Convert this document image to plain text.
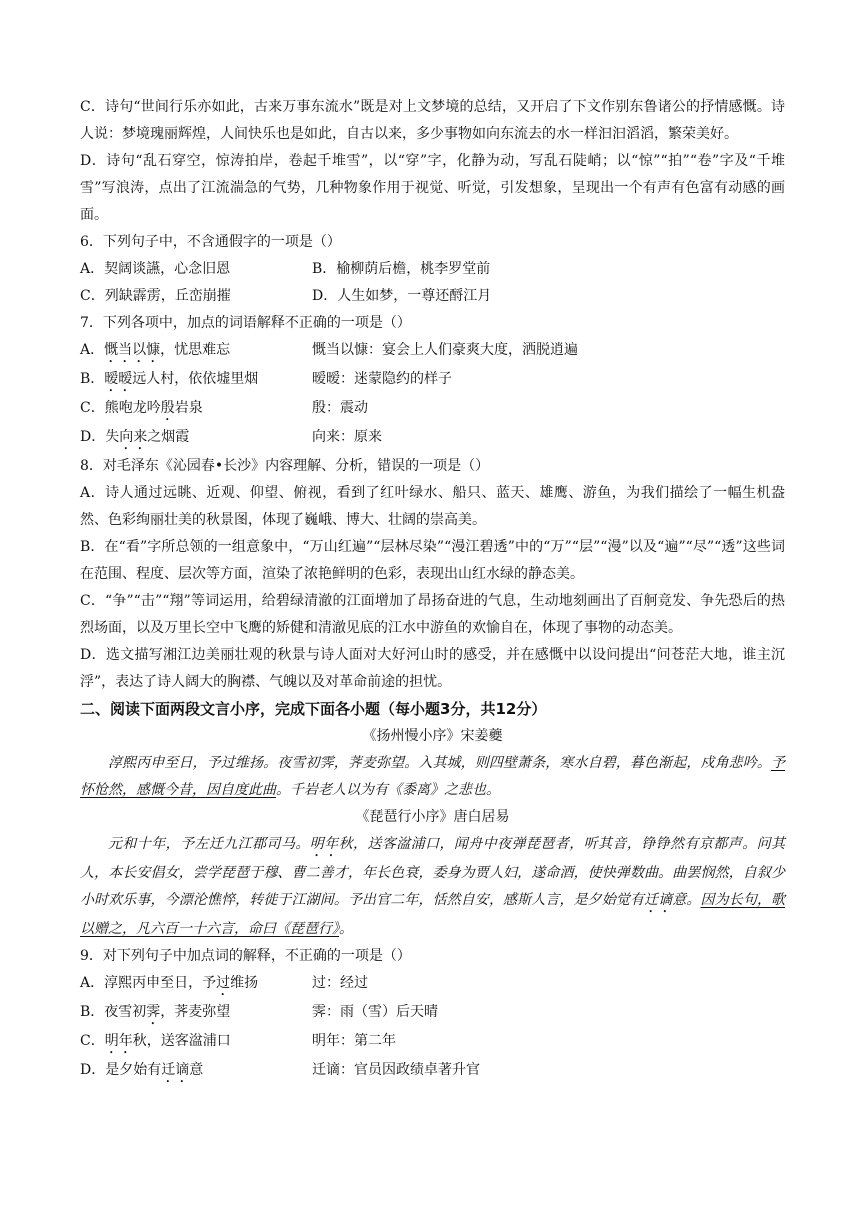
C．诗句“世间行乐亦如此，古来万事东流水”既是对上文梦境的总结，又开启了下文作别东鲁诸公的抒情感慨。诗人说：梦境瑰丽辉煌，人间快乐也是如此，自古以来，多少事物如向东流去的水一样汩汩滔滔，繁荣美好。

D．诗句“乱石穿空，惊涛拍岸，卷起千堆雪”，以“穿”字，化静为动，写乱石陡峭；以“惊”“拍”“卷”字及“千堆雪”写浪涛，点出了江流湍急的气势，几种物象作用于视觉、听觉，引发想象，呈现出一个有声有色富有动感的画面。

6．下列句子中，不含通假字的一项是（）

A．契阔谈讌，心念旧恩	B．榆柳荫后檐，桃李罗堂前
C．列缺霹雳，丘峦崩摧	D．人生如梦，一尊还酹江月

7．下列各项中，加点的词语解释不正确的一项是（）

A．慨当以慷，忧思难忘	慨当以慷：宴会上人们豪爽大度，洒脱逍遍
B．暧暧远人村，依依墟里烟	暧暧：迷蒙隐约的样子
C．熊咆龙吟殷岩泉	殷：震动
D．失向来之烟霞	向来：原来

8．对毛泽东《沁园春•长沙》内容理解、分析，错误的一项是（）

A．诗人通过远眺、近观、仰望、俯视，看到了红叶绿水、船只、蓝天、雄鹰、游鱼，为我们描绘了一幅生机盎然、色彩绚丽壮美的秋景图，体现了巍峨、博大、壮阔的崇高美。

B．在“看”字所总领的一组意象中，“万山红遍”“层林尽染”“漫江碧透”中的“万”“层”“漫”以及“遍”“尽”“透”这些词在范围、程度、层次等方面，渲染了浓艳鲜明的色彩，表现出山红水绿的静态美。

C．“争”“击”“翔”等词运用，给碧绿清澈的江面增加了昂扬奋进的气息，生动地刻画出了百舸竞发、争先恐后的热烈场面，以及万里长空中飞鹰的矫健和清澈见底的江水中游鱼的欢愉自在，体现了事物的动态美。

D．选文描写湘江边美丽壮观的秋景与诗人面对大好河山时的感受，并在感慨中以设问提出“问苍茫大地，谁主沉浮”，表达了诗人阔大的胸襟、气魄以及对革命前途的担忧。

二、阅读下面两段文言小序，完成下面各小题（每小题3分，共12分）

《扬州慢小序》宋姜夔

淳熙丙申至日，予过维扬。夜雪初霁，荠麦弥望。入其城，则四壁萧条，寒水自碧，暮色渐起，戍角悲吟。予怀怆然，感慨今昔，因自度此曲。千岩老人以为有《黍离》之悲也。

《琵琶行小序》唐白居易

元和十年，予左迁九江郡司马。明年秋，送客湓浦口，闻舟中夜弹琵琶者，听其音，铮铮然有京都声。问其人，本长安倡女，尝学琵琶于穆、曹二善才，年长色衰，委身为贾人妇，遂命酒，使快弹数曲。曲罢悯然，自叙少小时欢乐事，今漂沦憔悴，转徙于江湖间。予出官二年，恬然自安，感斯人言，是夕始觉有迁谪意。因为长句，歌以赠之，凡六百一十六言，命曰《琵琶行》。

9．对下列句子中加点词的解释，不正确的一项是（）

A．淳熙丙申至日，予过维扬	过：经过
B．夜雪初霁，荠麦弥望	霁：雨（雪）后天晴
C．明年秋，送客湓浦口	明年：第二年
D．是夕始有迁谪意	迁谪：官员因政绩卓著升官
